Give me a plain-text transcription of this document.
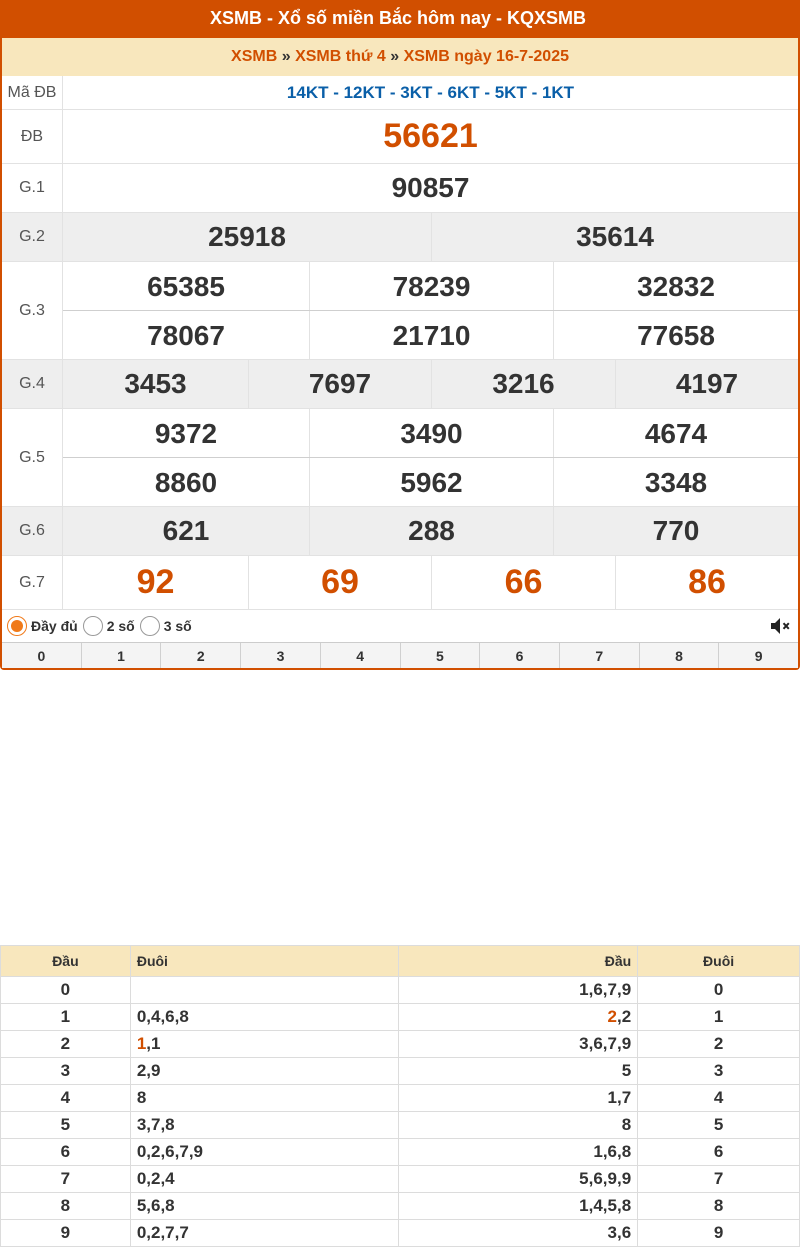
XSMB - Xổ số miền Bắc hôm nay - KQXSMB
XSMB » XSMB thứ 4 » XSMB ngày 16-7-2025
Mã ĐB	14KT - 12KT - 3KT - 6KT - 5KT - 1KT
ĐB	56621
G.1	90857
G.2	25918	35614
G.3
65385	78239	32832
78067	21710	77658
G.4	3453	7697	3216	4197
G.5
9372	3490	4674
8860	5962	3348
G.6	621	288	770
G.7	92	69	66	86
Đầy đủ 2 số 3 số
0	1	2	3	4	5	6	7	8	9
Đầu	Đuôi	Đầu	Đuôi
0		1,6,7,9	0
1	0,4,6,8	2,2	1
2	1,1	3,6,7,9	2
3	2,9	5	3
4	8	1,7	4
5	3,7,8	8	5
6	0,2,6,7,9	1,6,8	6
7	0,2,4	5,6,9,9	7
8	5,6,8	1,4,5,8	8
9	0,2,7,7	3,6	9
